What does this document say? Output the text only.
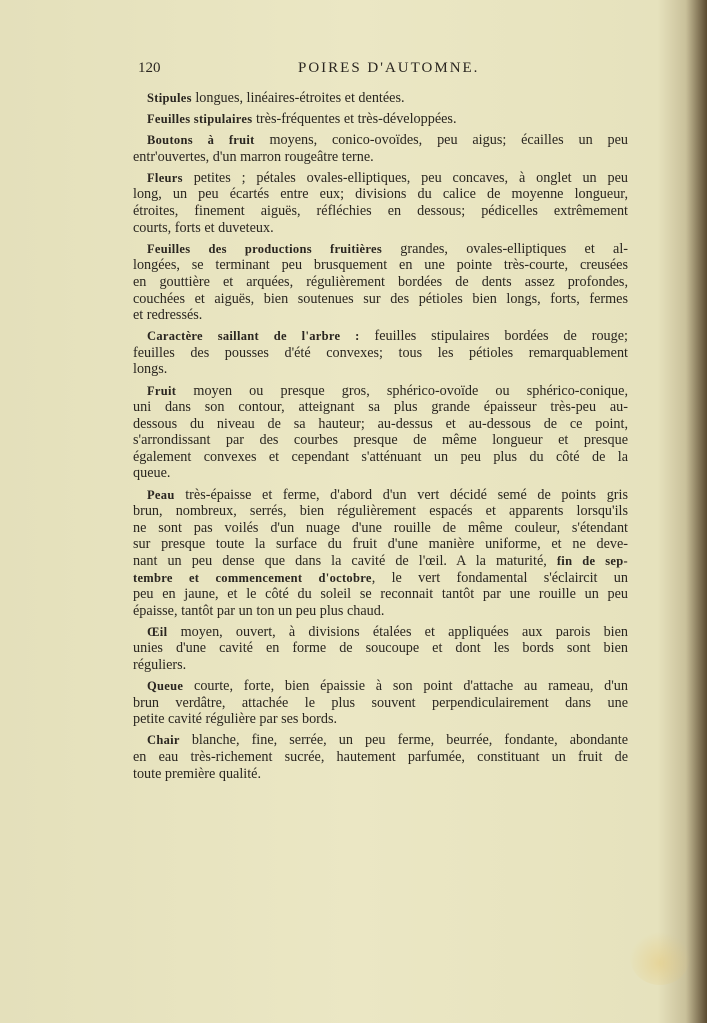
120	POIRES D'AUTOMNE.
Stipules longues, linéaires-étroites et dentées.
Feuilles stipulaires très-fréquentes et très-développées.
Boutons à fruit moyens, conico-ovoïdes, peu aigus; écailles un peu
entr'ouvertes, d'un marron rougeâtre terne.
Fleurs petites ; pétales ovales-elliptiques, peu concaves, à onglet un peu
long, un peu écartés entre eux; divisions du calice de moyenne longueur,
étroites, finement aiguës, réfléchies en dessous; pédicelles extrêmement
courts, forts et duveteux.
Feuilles des productions fruitières grandes, ovales-elliptiques et al-
longées, se terminant peu brusquement en une pointe très-courte, creusées
en gouttière et arquées, régulièrement bordées de dents assez profondes,
couchées et aiguës, bien soutenues sur des pétioles bien longs, forts, fermes
et redressés.
Caractère saillant de l'arbre : feuilles stipulaires bordées de rouge;
feuilles des pousses d'été convexes; tous les pétioles remarquablement
longs.
Fruit moyen ou presque gros, sphérico-ovoïde ou sphérico-conique,
uni dans son contour, atteignant sa plus grande épaisseur très-peu au-
dessous du niveau de sa hauteur; au-dessus et au-dessous de ce point,
s'arrondissant par des courbes presque de même longueur et presque
également convexes et cependant s'atténuant un peu plus du côté de la
queue.
Peau très-épaisse et ferme, d'abord d'un vert décidé semé de points gris
brun, nombreux, serrés, bien régulièrement espacés et apparents lorsqu'ils
ne sont pas voilés d'un nuage d'une rouille de même couleur, s'étendant
sur presque toute la surface du fruit d'une manière uniforme, et ne deve-
nant un peu dense que dans la cavité de l'œil. A la maturité, fin de sep-
tembre et commencement d'octobre, le vert fondamental s'éclaircit un
peu en jaune, et le côté du soleil se reconnait tantôt par une rouille un peu
épaisse, tantôt par un ton un peu plus chaud.
Œil moyen, ouvert, à divisions étalées et appliquées aux parois bien
unies d'une cavité en forme de soucoupe et dont les bords sont bien
réguliers.
Queue courte, forte, bien épaissie à son point d'attache au rameau, d'un
brun verdâtre, attachée le plus souvent perpendiculairement dans une
petite cavité régulière par ses bords.
Chair blanche, fine, serrée, un peu ferme, beurrée, fondante, abondante
en eau très-richement sucrée, hautement parfumée, constituant un fruit de
toute première qualité.
